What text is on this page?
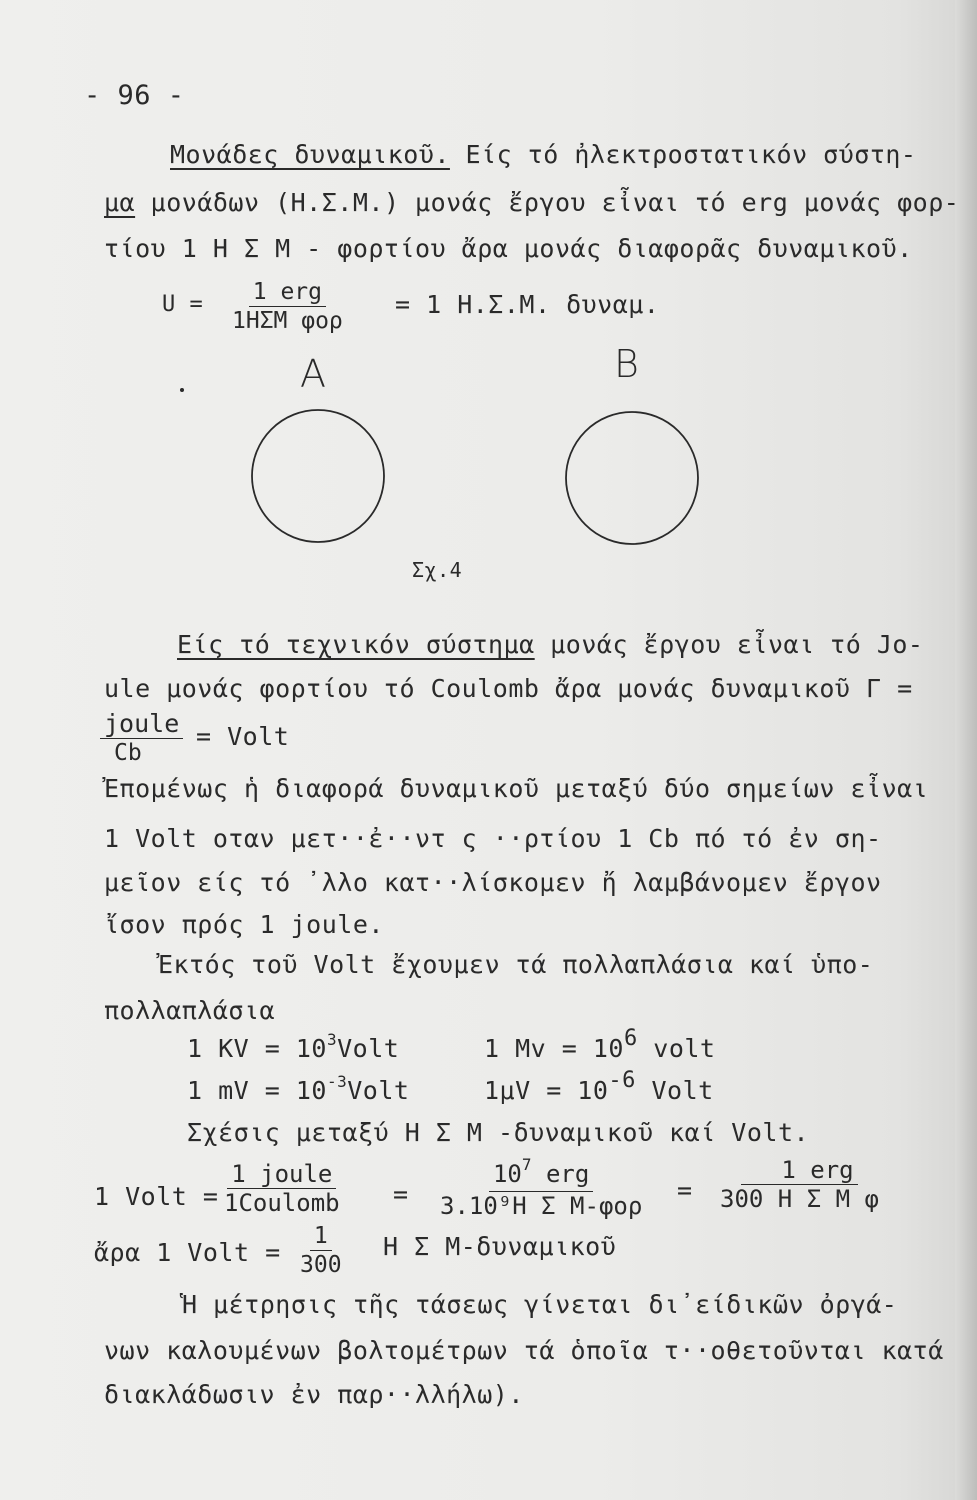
- 96 -
Μονάδες δυναμικοῦ. Είς τό ἠλεκτροστατικόν σύστη-
μα μονάδων (Η.Σ.Μ.) μονάς ἔργου εἶναι τό erg μονάς φορ-
τίου 1 Η Σ Μ - φορτίου ἄρα μονάς διαφορᾶς δυναμικοῦ.
U = 1 erg
1ΗΣΜ φορ
= 1 Η.Σ.Μ. δυναμ.
A	B
Σχ.4
Είς τό τεχνικόν σύστημα μονάς ἔργου εἶναι τό Jo-
ule μονάς φορτίου τό Coulomb ἄρα μονάς δυναμικοῦ Γ =
joule
Cb
= Volt
Ἐπομένως ἡ διαφορά δυναμικοῦ μεταξύ δύο σημείων εἶναι
1 Volt οταν μετ··ἐ··ντ ς ··ρτίου 1 Cb πό τό ἐν ση-
μεῖον είς τό ᾽λλο κατ··λίσκομεν ἤ λαμβάνομεν ἔργον
ἴσον πρός 1 joule.
Ἐκτός τοῦ Volt ἔχουμεν τά πολλαπλάσια καί ὑπο-
πολλαπλάσια
1 KV = $10^3Volt$	1 Mv = 106 volt
1 mV = $10^{-3}Volt$	1μV = 10-6 Volt
Σχέσις μεταξύ Η Σ Μ -δυναμικοῦ καί Volt.
1 Volt =
1 joule
1Coulomb =
$10^7$ erg
3.10⁹Η Σ Μ-φορ
=
1 erg
300 Η Σ Μ φ
ἄρα 1 Volt = $\frac{1}{300}$ Η Σ Μ-δυναμικοῦ
Ἡ μέτρησις τῆς τάσεως γίνεται δι᾽είδικῶν ὀργά-
νων καλουμένων βολτομέτρων τά ὁποῖα τ··οθετοῦνται κατά
διακλάδωσιν ἐν παρ··λλήλω).
